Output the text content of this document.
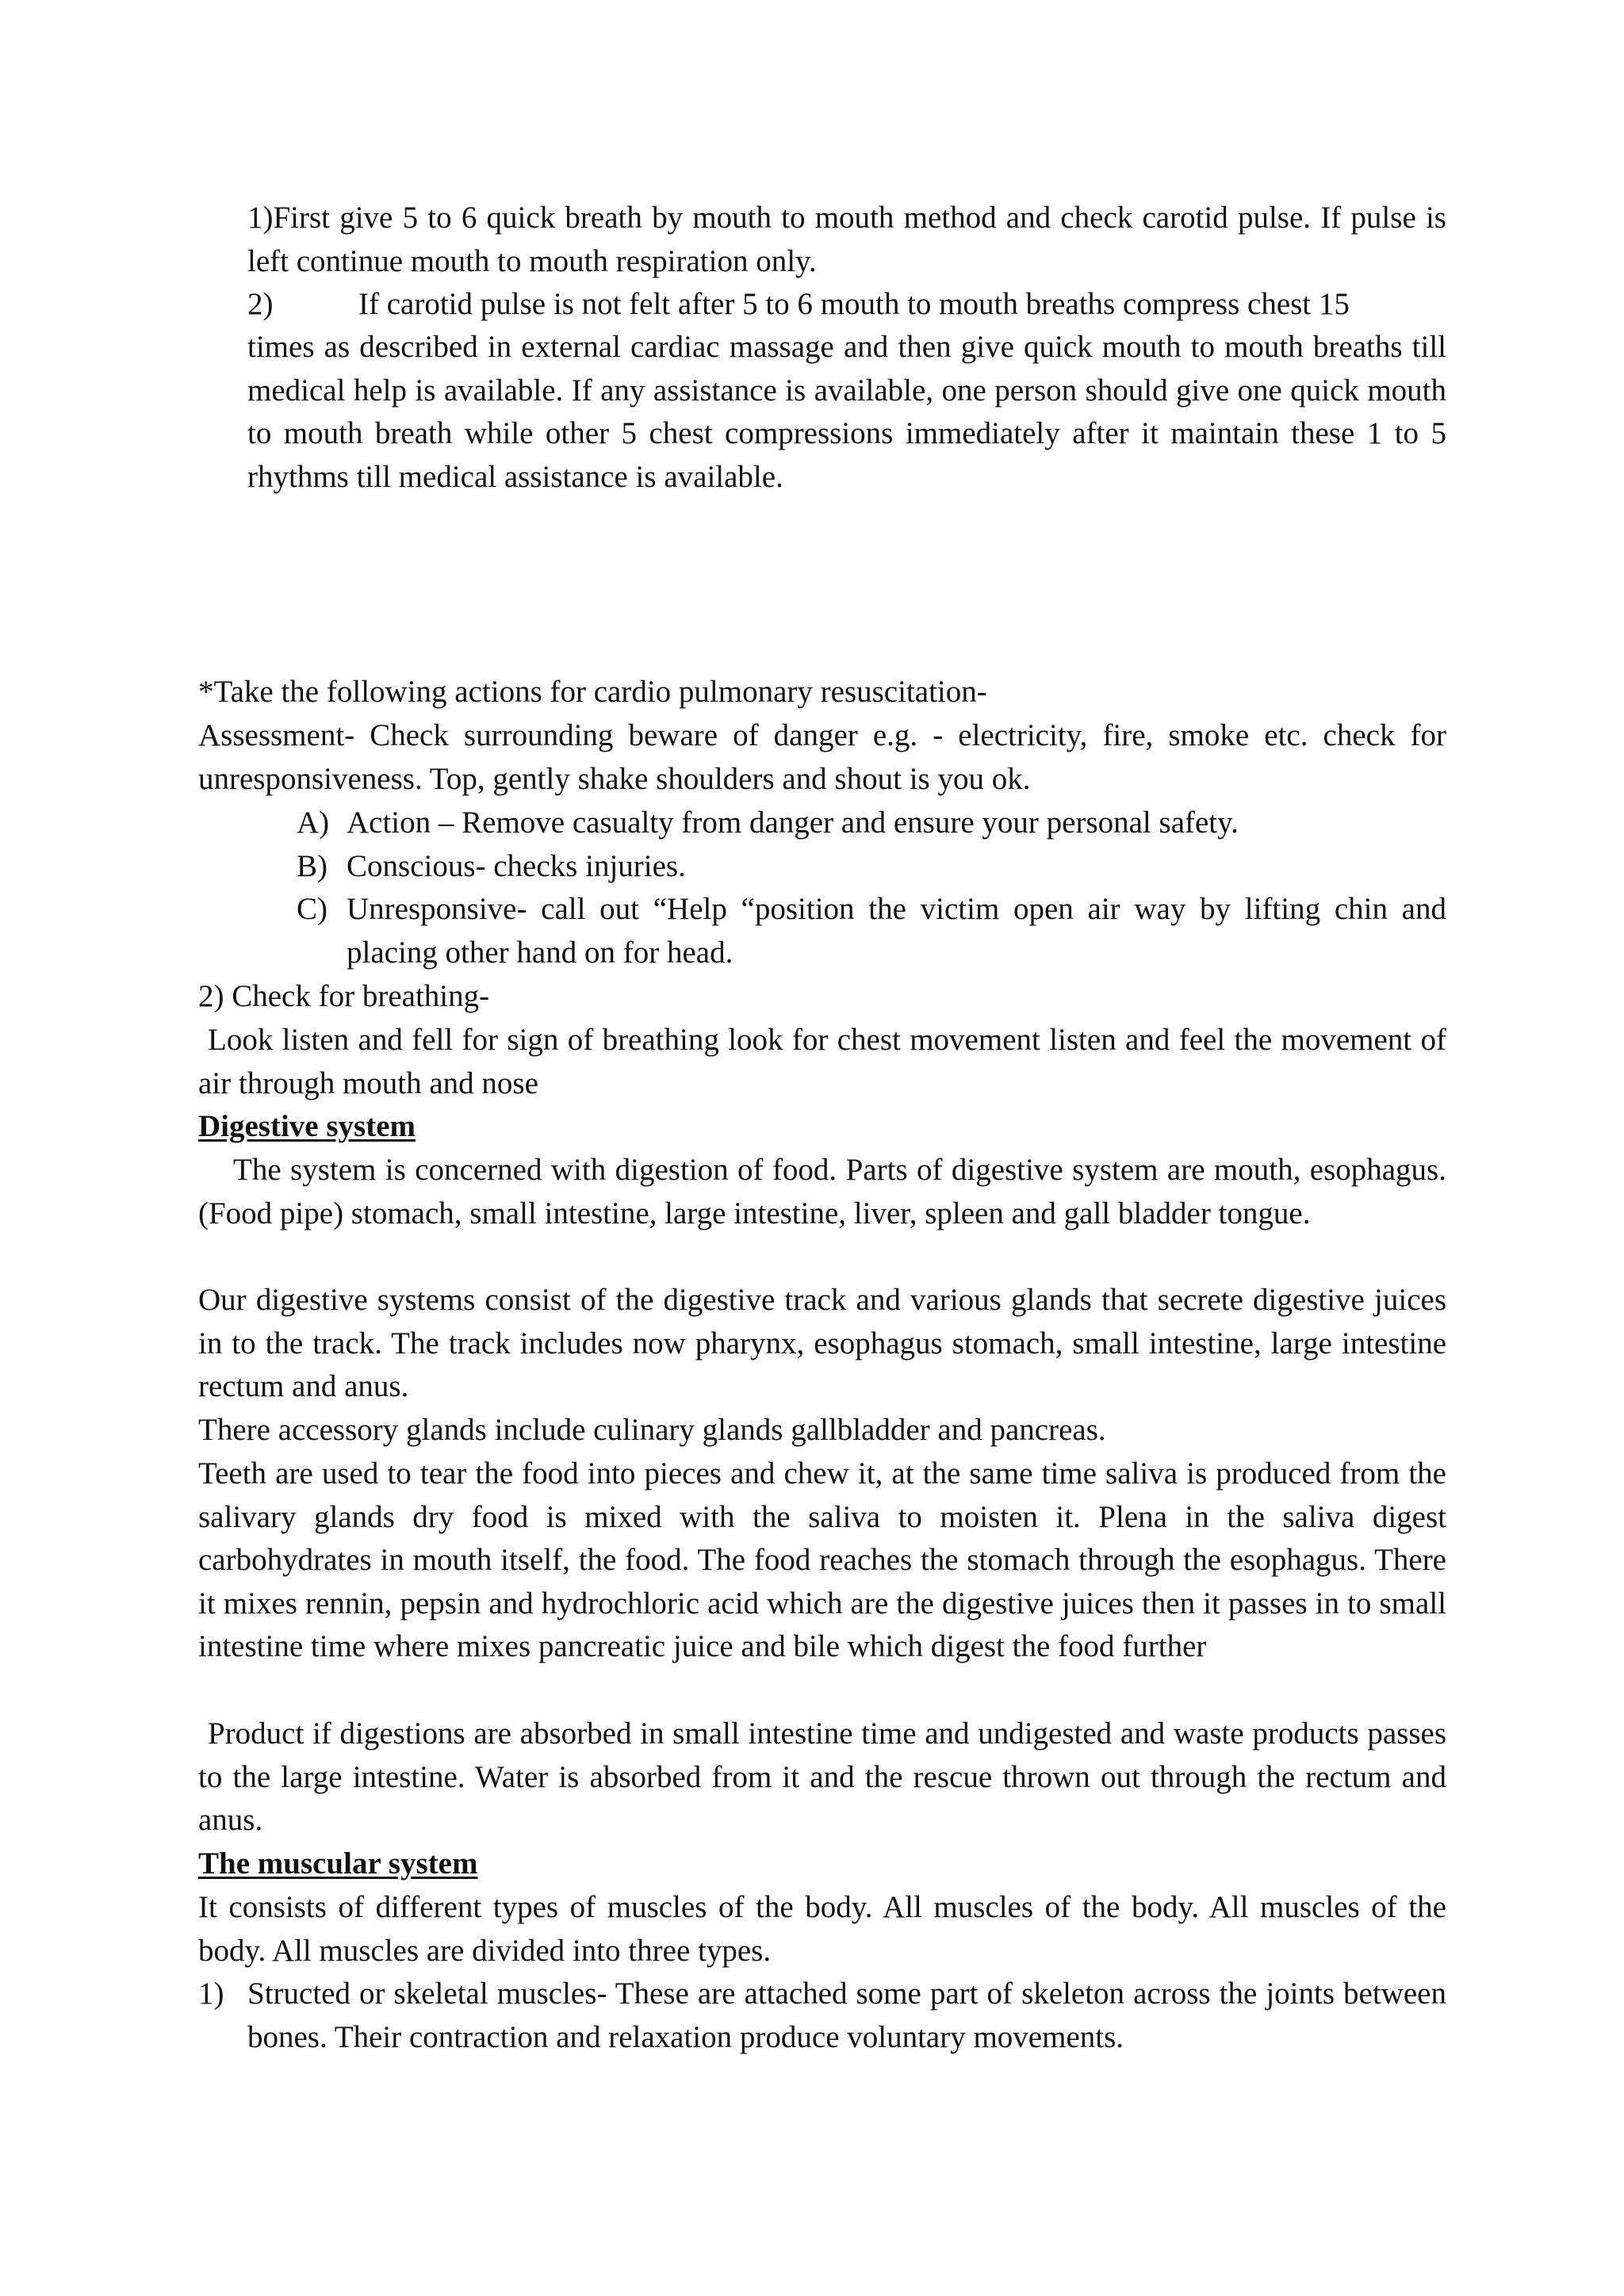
1)First give 5 to 6 quick breath by mouth to mouth method and check carotid pulse. If pulse is left continue mouth to mouth respiration only.

2)	If carotid pulse is not felt after 5 to 6 mouth to mouth breaths compress chest 15

times as described in external cardiac massage and then give quick mouth to mouth breaths till medical help is available. If any assistance is available, one person should give one quick mouth to mouth breath while other 5 chest compressions immediately after it maintain these 1 to 5 rhythms till medical assistance is available.

*Take the following actions for cardio pulmonary resuscitation-

Assessment- Check surrounding beware of danger e.g. - electricity, fire, smoke etc. check for unresponsiveness. Top, gently shake shoulders and shout is you ok.

A) Action – Remove casualty from danger and ensure your personal safety.

B) Conscious- checks injuries.

C) Unresponsive- call out “Help “position the victim open air way by lifting chin and placing other hand on for head.

2) Check for breathing-

Look listen and fell for sign of breathing look for chest movement listen and feel the movement of air through mouth and nose

Digestive system

The system is concerned with digestion of food. Parts of digestive system are mouth, esophagus. (Food pipe) stomach, small intestine, large intestine, liver, spleen and gall bladder tongue.

Our digestive systems consist of the digestive track and various glands that secrete digestive juices in to the track. The track includes now pharynx, esophagus stomach, small intestine, large intestine rectum and anus.

There accessory glands include culinary glands gallbladder and pancreas.

Teeth are used to tear the food into pieces and chew it, at the same time saliva is produced from the salivary glands dry food is mixed with the saliva to moisten it. Plena in the saliva digest carbohydrates in mouth itself, the food. The food reaches the stomach through the esophagus. There it mixes rennin, pepsin and hydrochloric acid which are the digestive juices then it passes in to small intestine time where mixes pancreatic juice and bile which digest the food further

Product if digestions are absorbed in small intestine time and undigested and waste products passes to the large intestine. Water is absorbed from it and the rescue thrown out through the rectum and anus.

The muscular system

It consists of different types of muscles of the body. All muscles of the body. All muscles of the body. All muscles are divided into three types.

1) Structed or skeletal muscles- These are attached some part of skeleton across the joints between bones. Their contraction and relaxation produce voluntary movements.
